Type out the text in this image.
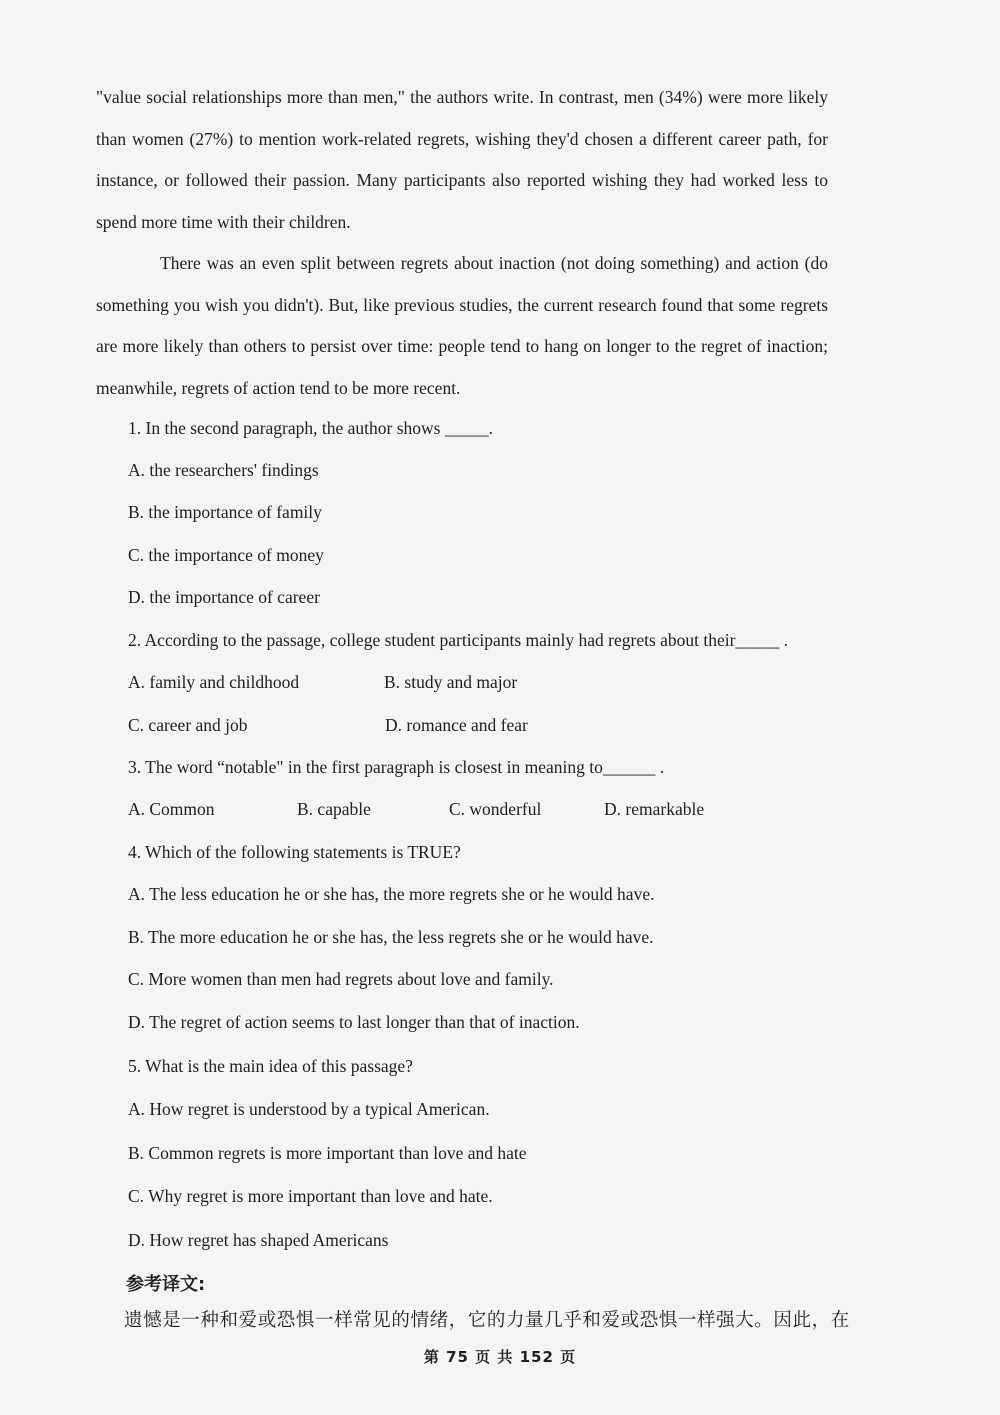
"value social relationships more than men," the authors write. In contrast, men (34%) were more likely than women (27%) to mention work-related regrets, wishing they'd chosen a different career path, for instance, or followed their passion. Many participants also reported wishing they had worked less to spend more time with their children.
There was an even split between regrets about inaction (not doing something) and action (do something you wish you didn't). But, like previous studies, the current research found that some regrets are more likely than others to persist over time: people tend to hang on longer to the regret of inaction; meanwhile, regrets of action tend to be more recent.
1. In the second paragraph, the author shows _____.
A. the researchers' findings
B. the importance of family
C. the importance of money
D. the importance of career
2. According to the passage, college student participants mainly had regrets about their_____ .
A. family and childhood	B. study and major
C. career and job	D. romance and fear
3. The word “notable" in the first paragraph is closest in meaning to______ .
A. Common	B. capable	C. wonderful	D. remarkable
4. Which of the following statements is TRUE?
A. The less education he or she has, the more regrets she or he would have.
B. The more education he or she has, the less regrets she or he would have.
C. More women than men had regrets about love and family.
D. The regret of action seems to last longer than that of inaction.
5. What is the main idea of this passage?
A. How regret is understood by a typical American.
B. Common regrets is more important than love and hate
C. Why regret is more important than love and hate.
D. How regret has shaped Americans
参考译文:
遗憾是一种和爱或恐惧一样常见的情绪，它的力量几乎和爱或恐惧一样强大。因此，在
第 75 页 共 152 页
